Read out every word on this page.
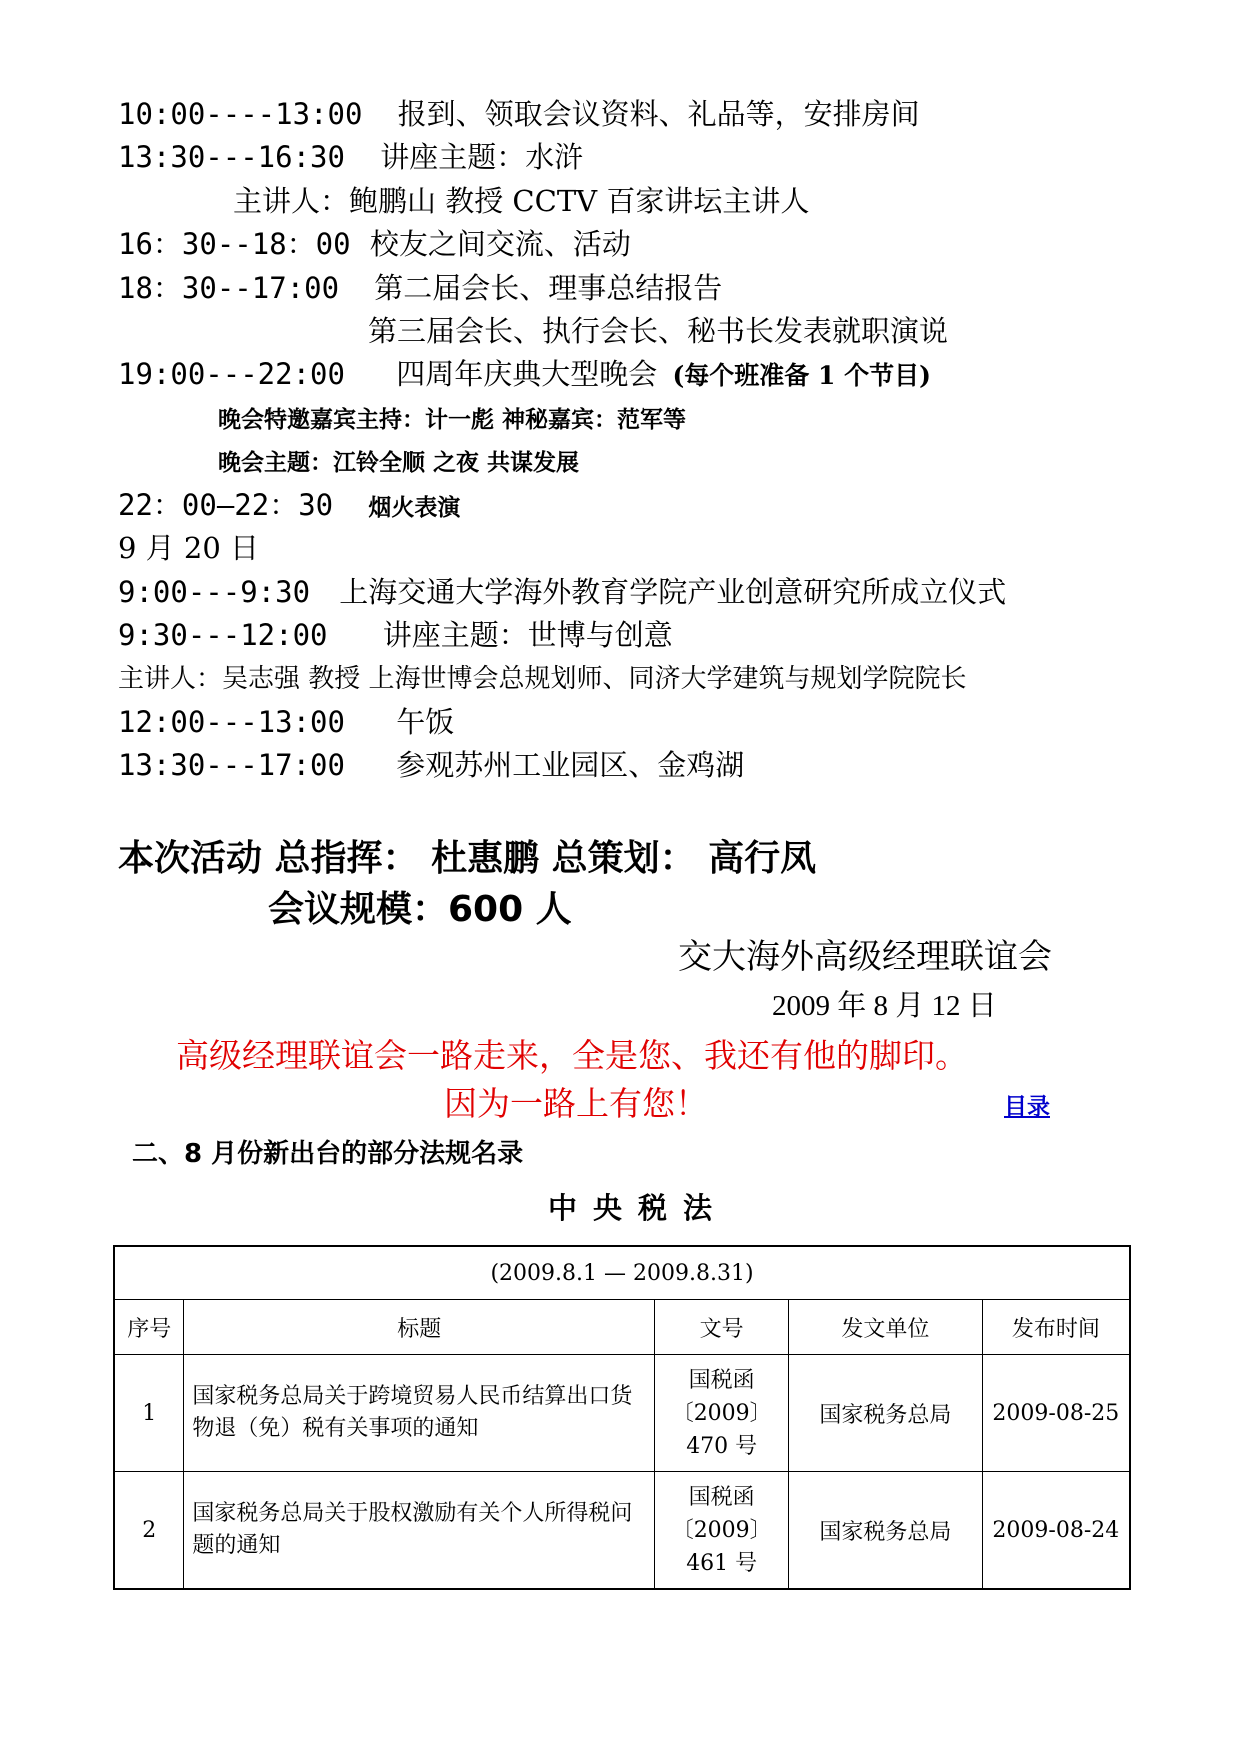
10:00----13:00 报到、领取会议资料、礼品等，安排房间
13:30---16:30 讲座主题：水浒
主讲人：鲍鹏山 教授 CCTV 百家讲坛主讲人
16：30--18：00 校友之间交流、活动
18：30--17:00 第二届会长、理事总结报告
第三届会长、执行会长、秘书长发表就职演说
19:00---22:00 四周年庆典大型晚会 (每个班准备 1 个节目)
晚会特邀嘉宾主持：计一彪 神秘嘉宾：范军等
晚会主题：江铃全顺 之夜 共谋发展
22：00—22：30 烟火表演
9 月 20 日
9:00---9:30 上海交通大学海外教育学院产业创意研究所成立仪式
9:30---12:00 讲座主题：世博与创意
主讲人：吴志强 教授 上海世博会总规划师、同济大学建筑与规划学院院长
12:00---13:00 午饭
13:30---17:00 参观苏州工业园区、金鸡湖
本次活动 总指挥： 杜惠鹏 总策划： 高行凤
会议规模：600 人
交大海外高级经理联谊会
2009 年 8 月 12 日
高级经理联谊会一路走来，全是您、我还有他的脚印。
因为一路上有您！	目录
二、8 月份新出台的部分法规名录
中央税法
(2009.8.1 — 2009.8.31)				
序号	标题	文号	发文单位	发布时间
1	国家税务总局关于跨境贸易人民币结算出口货物退（免）税有关事项的通知	国税函
〔2009〕
470 号	国家税务总局	2009-08-25
2	国家税务总局关于股权激励有关个人所得税问题的通知	国税函
〔2009〕
461 号	国家税务总局	2009-08-24
